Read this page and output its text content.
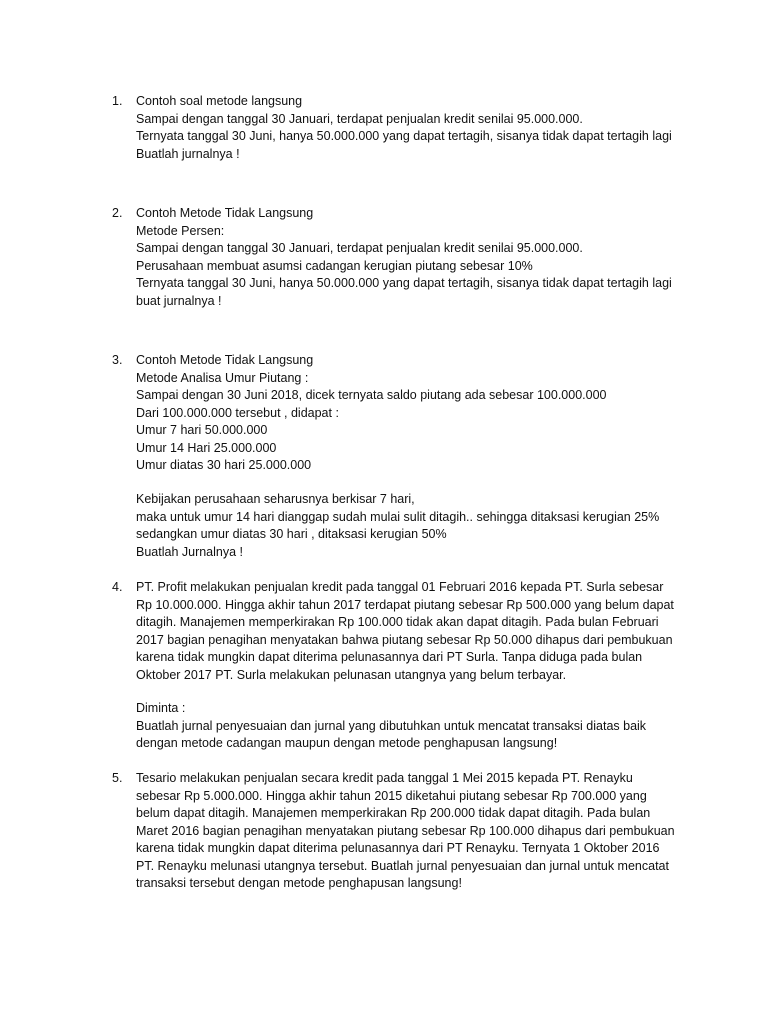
1. Contoh soal metode langsung
Sampai dengan tanggal 30 Januari, terdapat penjualan kredit senilai 95.000.000.
Ternyata tanggal 30 Juni, hanya 50.000.000 yang dapat tertagih, sisanya tidak dapat tertagih lagi
Buatlah jurnalnya !
2. Contoh Metode Tidak Langsung
Metode Persen:
Sampai dengan tanggal 30 Januari, terdapat penjualan kredit senilai 95.000.000.
Perusahaan membuat asumsi cadangan kerugian piutang sebesar 10%
Ternyata tanggal 30 Juni, hanya 50.000.000 yang dapat tertagih, sisanya tidak dapat tertagih lagi
buat jurnalnya !
3. Contoh Metode Tidak Langsung
Metode Analisa Umur Piutang :
Sampai dengan 30 Juni 2018, dicek ternyata saldo piutang ada sebesar 100.000.000
Dari 100.000.000 tersebut , didapat :
Umur 7 hari 50.000.000
Umur 14 Hari 25.000.000
Umur diatas 30 hari 25.000.000
Kebijakan perusahaan seharusnya berkisar 7 hari,
maka untuk umur 14 hari dianggap sudah mulai sulit ditagih.. sehingga ditaksasi kerugian 25%
sedangkan umur diatas 30 hari , ditaksasi kerugian 50%
Buatlah Jurnalnya !
4. PT. Profit melakukan penjualan kredit pada tanggal 01 Februari 2016 kepada PT. Surla sebesar
Rp 10.000.000. Hingga akhir tahun 2017 terdapat piutang sebesar Rp 500.000 yang belum dapat
ditagih. Manajemen memperkirakan Rp 100.000 tidak akan dapat ditagih. Pada bulan Februari
2017 bagian penagihan menyatakan bahwa piutang sebesar Rp 50.000 dihapus dari pembukuan
karena tidak mungkin dapat diterima pelunasannya dari PT Surla. Tanpa diduga pada bulan
Oktober 2017 PT. Surla melakukan pelunasan utangnya yang belum terbayar.
Diminta :
Buatlah jurnal penyesuaian dan jurnal yang dibutuhkan untuk mencatat transaksi diatas baik
dengan metode cadangan maupun dengan metode penghapusan langsung!
5. Tesario melakukan penjualan secara kredit pada tanggal 1 Mei 2015 kepada PT. Renayku
sebesar Rp 5.000.000. Hingga akhir tahun 2015 diketahui piutang sebesar Rp 700.000 yang
belum dapat ditagih. Manajemen memperkirakan Rp 200.000 tidak dapat ditagih. Pada bulan
Maret 2016 bagian penagihan menyatakan piutang sebesar Rp 100.000 dihapus dari pembukuan
karena tidak mungkin dapat diterima pelunasannya dari PT Renayku. Ternyata 1 Oktober 2016
PT. Renayku melunasi utangnya tersebut. Buatlah jurnal penyesuaian dan jurnal untuk mencatat
transaksi tersebut dengan metode penghapusan langsung!
